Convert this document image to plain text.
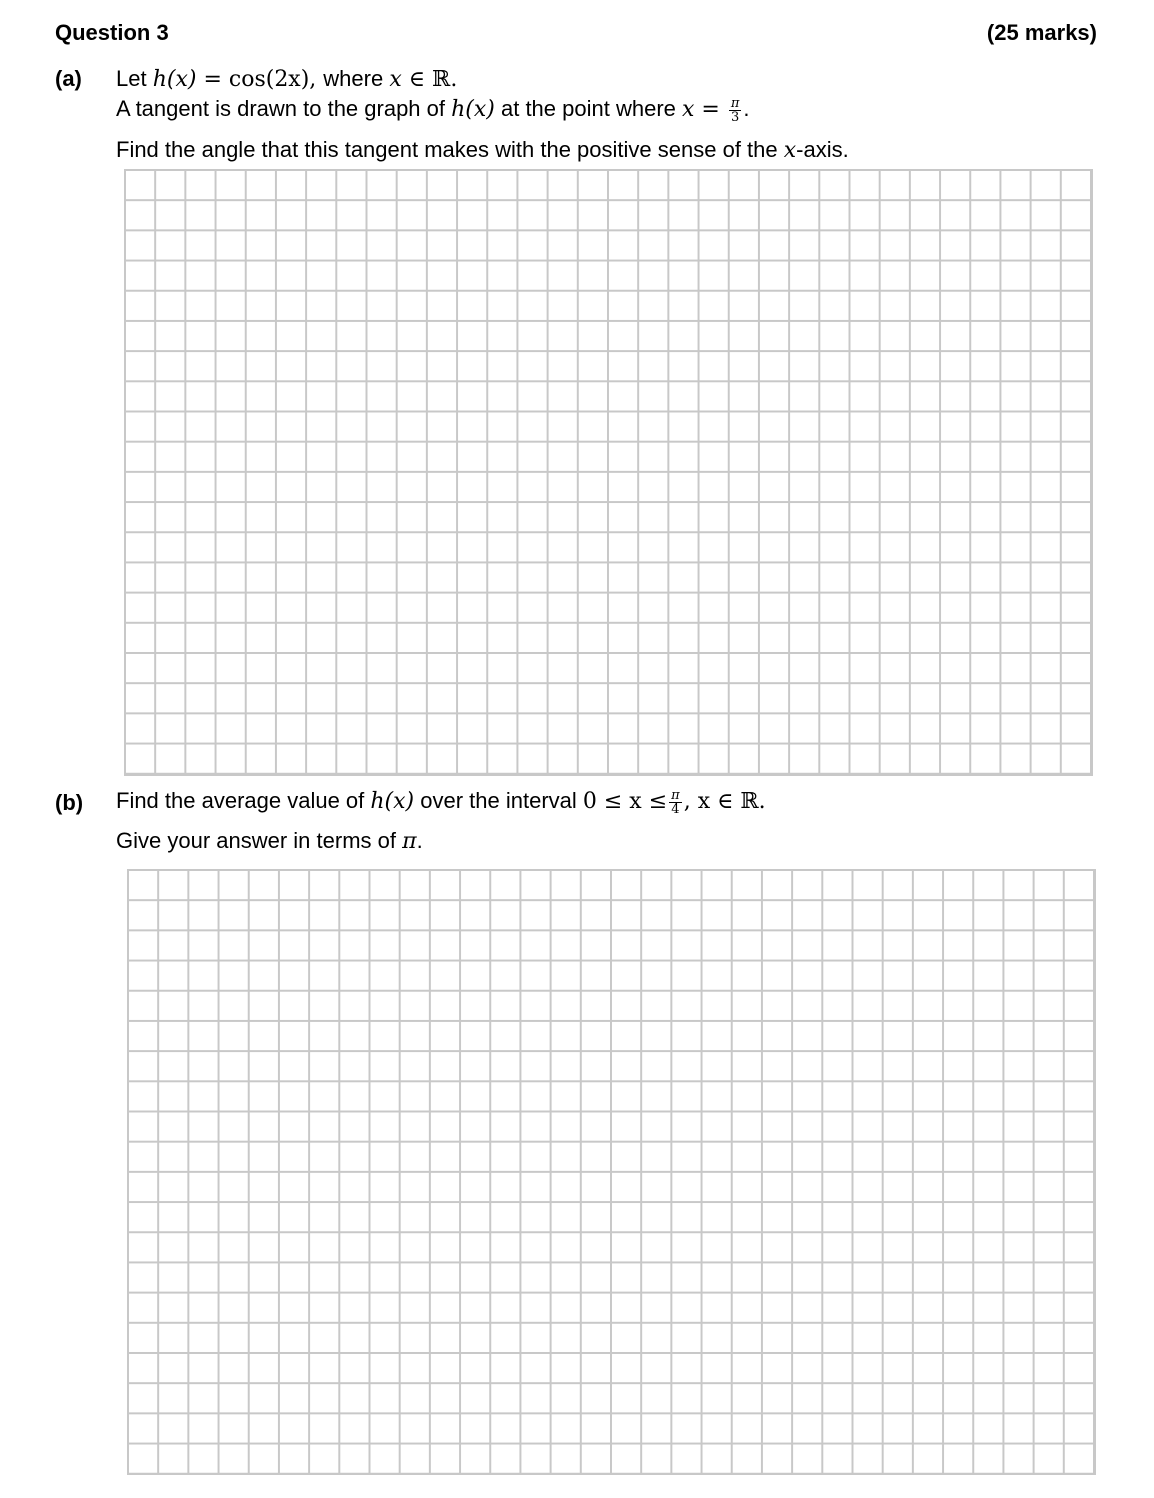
Question 3	(25 marks)
(a) Let h(x) = cos(2x), where x ∈ ℝ.
A tangent is drawn to the graph of h(x) at the point where $x = \frac{\pi}{3}$ .
Find the angle that this tangent makes with the positive sense of the x-axis.
(b) Find the average value of h(x) over the interval $0 \le x \le \frac{\pi}{4}$ , x ∈ ℝ.
Give your answer in terms of π.
